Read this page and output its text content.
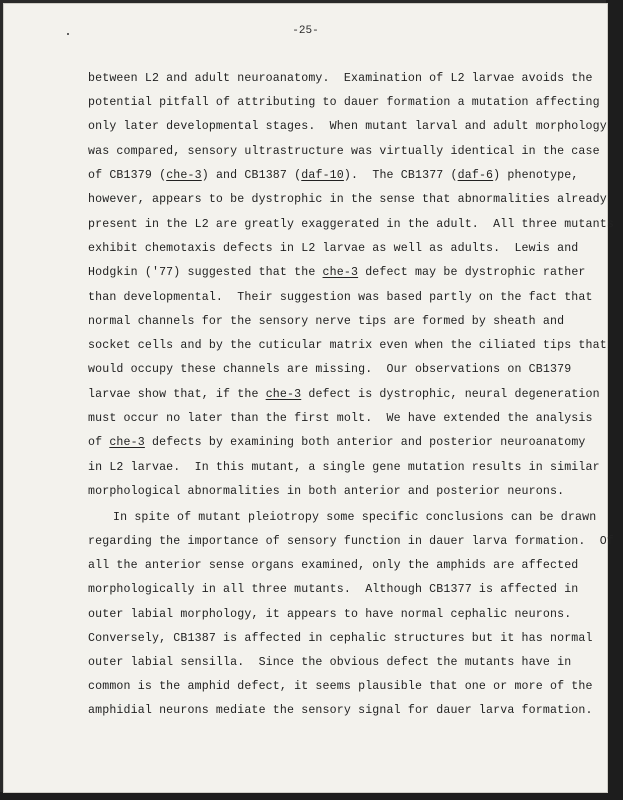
-25-
between L2 and adult neuroanatomy.  Examination of L2 larvae avoids the
potential pitfall of attributing to dauer formation a mutation affecting
only later developmental stages.  When mutant larval and adult morphology
was compared, sensory ultrastructure was virtually identical in the case
of CB1379 (che-3) and CB1387 (daf-10).  The CB1377 (daf-6) phenotype,
however, appears to be dystrophic in the sense that abnormalities already
present in the L2 are greatly exaggerated in the adult.  All three mutants
exhibit chemotaxis defects in L2 larvae as well as adults.  Lewis and
Hodgkin ('77) suggested that the che-3 defect may be dystrophic rather
than developmental.  Their suggestion was based partly on the fact that
normal channels for the sensory nerve tips are formed by sheath and
socket cells and by the cuticular matrix even when the ciliated tips that
would occupy these channels are missing.  Our observations on CB1379
larvae show that, if the che-3 defect is dystrophic, neural degeneration
must occur no later than the first molt.  We have extended the analysis
of che-3 defects by examining both anterior and posterior neuroanatomy
in L2 larvae.  In this mutant, a single gene mutation results in similar
morphological abnormalities in both anterior and posterior neurons.
In spite of mutant pleiotropy some specific conclusions can be drawn
regarding the importance of sensory function in dauer larva formation.  Of
all the anterior sense organs examined, only the amphids are affected
morphologically in all three mutants.  Although CB1377 is affected in
outer labial morphology, it appears to have normal cephalic neurons.
Conversely, CB1387 is affected in cephalic structures but it has normal
outer labial sensilla.  Since the obvious defect the mutants have in
common is the amphid defect, it seems plausible that one or more of the
amphidial neurons mediate the sensory signal for dauer larva formation.
